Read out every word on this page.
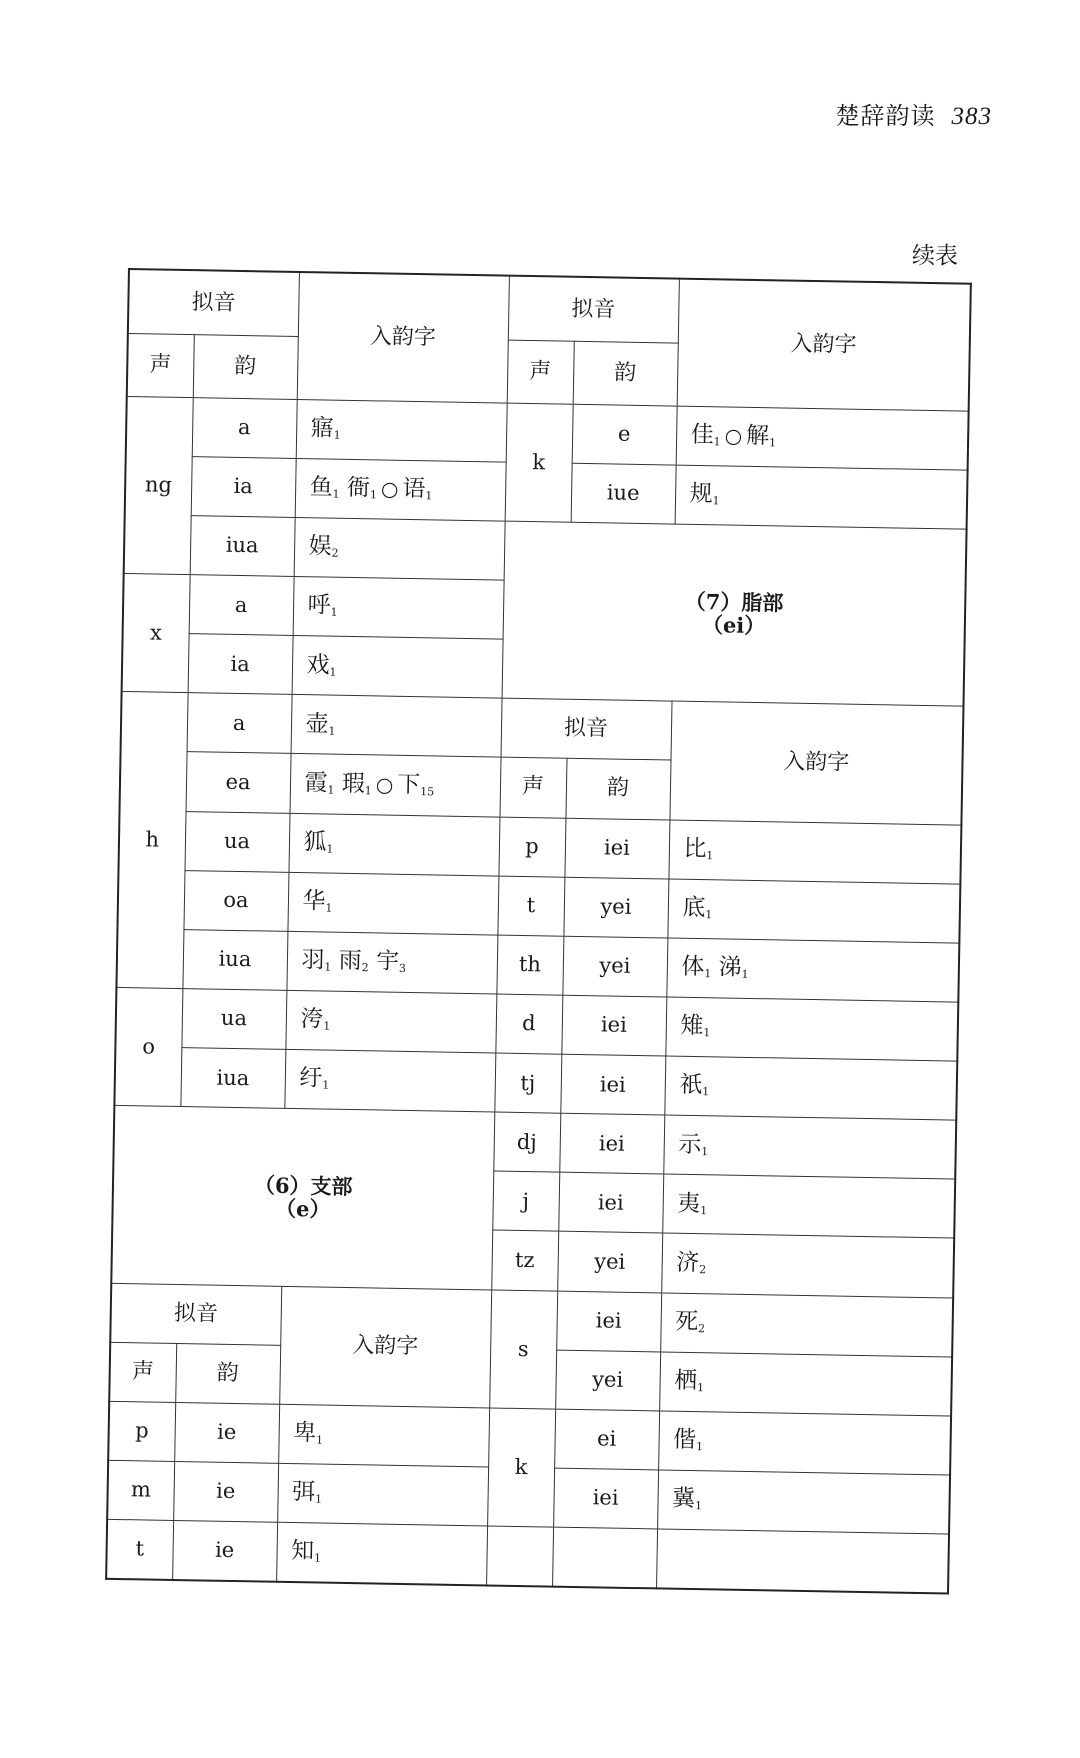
楚辞韵读 383
续表
拟音		入韵字	拟音		入韵字
声	韵		声	韵	
ng	a	寤$_1$	k	e	佳$_1$ ○ 解$_1$
	ia	鱼$_1$ 衙$_1$ ○ 语$_1$		iue	规$_1$
	iua	娱$_2$	（7）脂部
（ei）		

x	a	呼$_1$
	ia	戏$_1$
h	a	壶$_1$	拟音		入韵字
	ea	霞$_1$ 瑕$_1$ ○ 下$_{15}$	声	韵	
	ua	狐$_1$	p	iei	比$_1$
	oa	华$_1$	t	yei	底$_1$
	iua	羽$_1$ 雨$_2$ 宇$_3$	th	yei	体$_1$ 涕$_1$
o	ua	洿$_1$	d	iei	雉$_1$
	iua	纡$_1$	tj	iei	祇$_1$

（6）支部
（e）			dj	iei	示$_1$
			j	iei	夷$_1$
			tz	yei	济$_2$
拟音		入韵字	s	iei	死$_2$
声	韵			yei	栖$_1$
p	ie	卑$_1$	k	ei	偕$_1$
m	ie	弭$_1$		iei	冀$_1$
t	ie	知$_1$			
